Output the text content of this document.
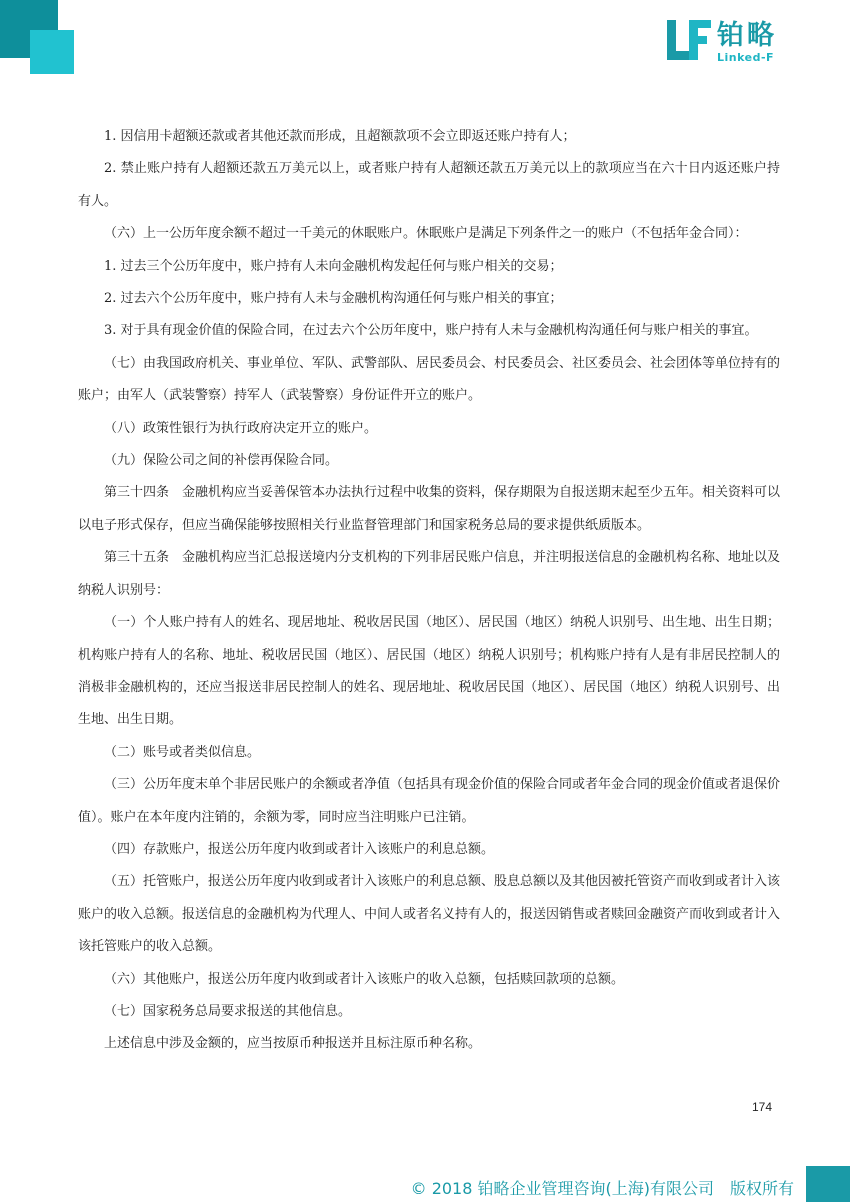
铂略
Linked-F

1. 因信用卡超额还款或者其他还款而形成，且超额款项不会立即返还账户持有人；

2. 禁止账户持有人超额还款五万美元以上，或者账户持有人超额还款五万美元以上的款项应当在六十日内返还账户持有人。

（六）上一公历年度余额不超过一千美元的休眠账户。休眠账户是满足下列条件之一的账户（不包括年金合同）：

1. 过去三个公历年度中，账户持有人未向金融机构发起任何与账户相关的交易；

2. 过去六个公历年度中，账户持有人未与金融机构沟通任何与账户相关的事宜；

3. 对于具有现金价值的保险合同，在过去六个公历年度中，账户持有人未与金融机构沟通任何与账户相关的事宜。

（七）由我国政府机关、事业单位、军队、武警部队、居民委员会、村民委员会、社区委员会、社会团体等单位持有的账户；由军人（武装警察）持军人（武装警察）身份证件开立的账户。

（八）政策性银行为执行政府决定开立的账户。

（九）保险公司之间的补偿再保险合同。

第三十四条　金融机构应当妥善保管本办法执行过程中收集的资料，保存期限为自报送期末起至少五年。相关资料可以以电子形式保存，但应当确保能够按照相关行业监督管理部门和国家税务总局的要求提供纸质版本。

第三十五条　金融机构应当汇总报送境内分支机构的下列非居民账户信息，并注明报送信息的金融机构名称、地址以及纳税人识别号：

（一）个人账户持有人的姓名、现居地址、税收居民国（地区）、居民国（地区）纳税人识别号、出生地、出生日期；机构账户持有人的名称、地址、税收居民国（地区）、居民国（地区）纳税人识别号；机构账户持有人是有非居民控制人的消极非金融机构的，还应当报送非居民控制人的姓名、现居地址、税收居民国（地区）、居民国（地区）纳税人识别号、出生地、出生日期。

（二）账号或者类似信息。

（三）公历年度末单个非居民账户的余额或者净值（包括具有现金价值的保险合同或者年金合同的现金价值或者退保价值）。账户在本年度内注销的，余额为零，同时应当注明账户已注销。

（四）存款账户，报送公历年度内收到或者计入该账户的利息总额。

（五）托管账户，报送公历年度内收到或者计入该账户的利息总额、股息总额以及其他因被托管资产而收到或者计入该账户的收入总额。报送信息的金融机构为代理人、中间人或者名义持有人的，报送因销售或者赎回金融资产而收到或者计入该托管账户的收入总额。

（六）其他账户，报送公历年度内收到或者计入该账户的收入总额，包括赎回款项的总额。

（七）国家税务总局要求报送的其他信息。

上述信息中涉及金额的，应当按原币种报送并且标注原币种名称。

174
© 2018 铂略企业管理咨询(上海)有限公司　版权所有
